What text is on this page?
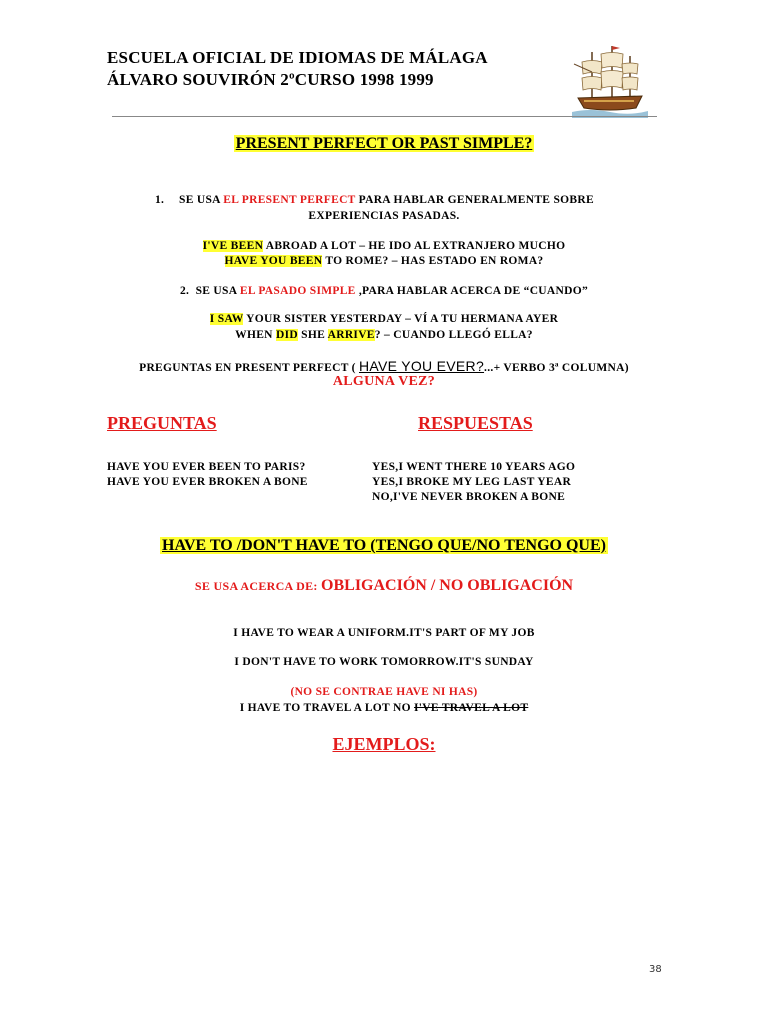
ESCUELA OFICIAL DE IDIOMAS DE MÁLAGA
ÁLVARO SOUVIRÓN 2ºCURSO 1998 1999
PRESENT PERFECT OR PAST SIMPLE?
1. SE USA EL PRESENT PERFECT PARA HABLAR GENERALMENTE SOBRE
EXPERIENCIAS PASADAS.
I'VE BEEN ABROAD A LOT – HE IDO AL EXTRANJERO MUCHO
HAVE YOU BEEN TO ROME? – HAS ESTADO EN ROMA?
2. SE USA EL PASADO SIMPLE ,PARA HABLAR ACERCA DE “CUANDO”
I SAW YOUR SISTER YESTERDAY – VÍ A TU HERMANA AYER
WHEN DID SHE ARRIVE? – CUANDO LLEGÓ ELLA?
PREGUNTAS EN PRESENT PERFECT ( HAVE YOU EVER?...+ VERBO 3ª COLUMNA)
ALGUNA VEZ?
PREGUNTAS	RESPUESTAS
HAVE YOU EVER BEEN TO PARIS?
HAVE YOU EVER BROKEN A BONE
YES,I WENT THERE 10 YEARS AGO
YES,I BROKE MY LEG LAST YEAR
NO,I'VE NEVER BROKEN A BONE
HAVE TO /DON'T HAVE TO (TENGO QUE/NO TENGO QUE)
SE USA ACERCA DE: OBLIGACIÓN / NO OBLIGACIÓN
I HAVE TO WEAR A UNIFORM.IT'S PART OF MY JOB
I DON'T HAVE TO WORK TOMORROW.IT'S SUNDAY
(NO SE CONTRAE HAVE NI HAS)
I HAVE TO TRAVEL A LOT NO I'VE TRAVEL A LOT
EJEMPLOS:
38
